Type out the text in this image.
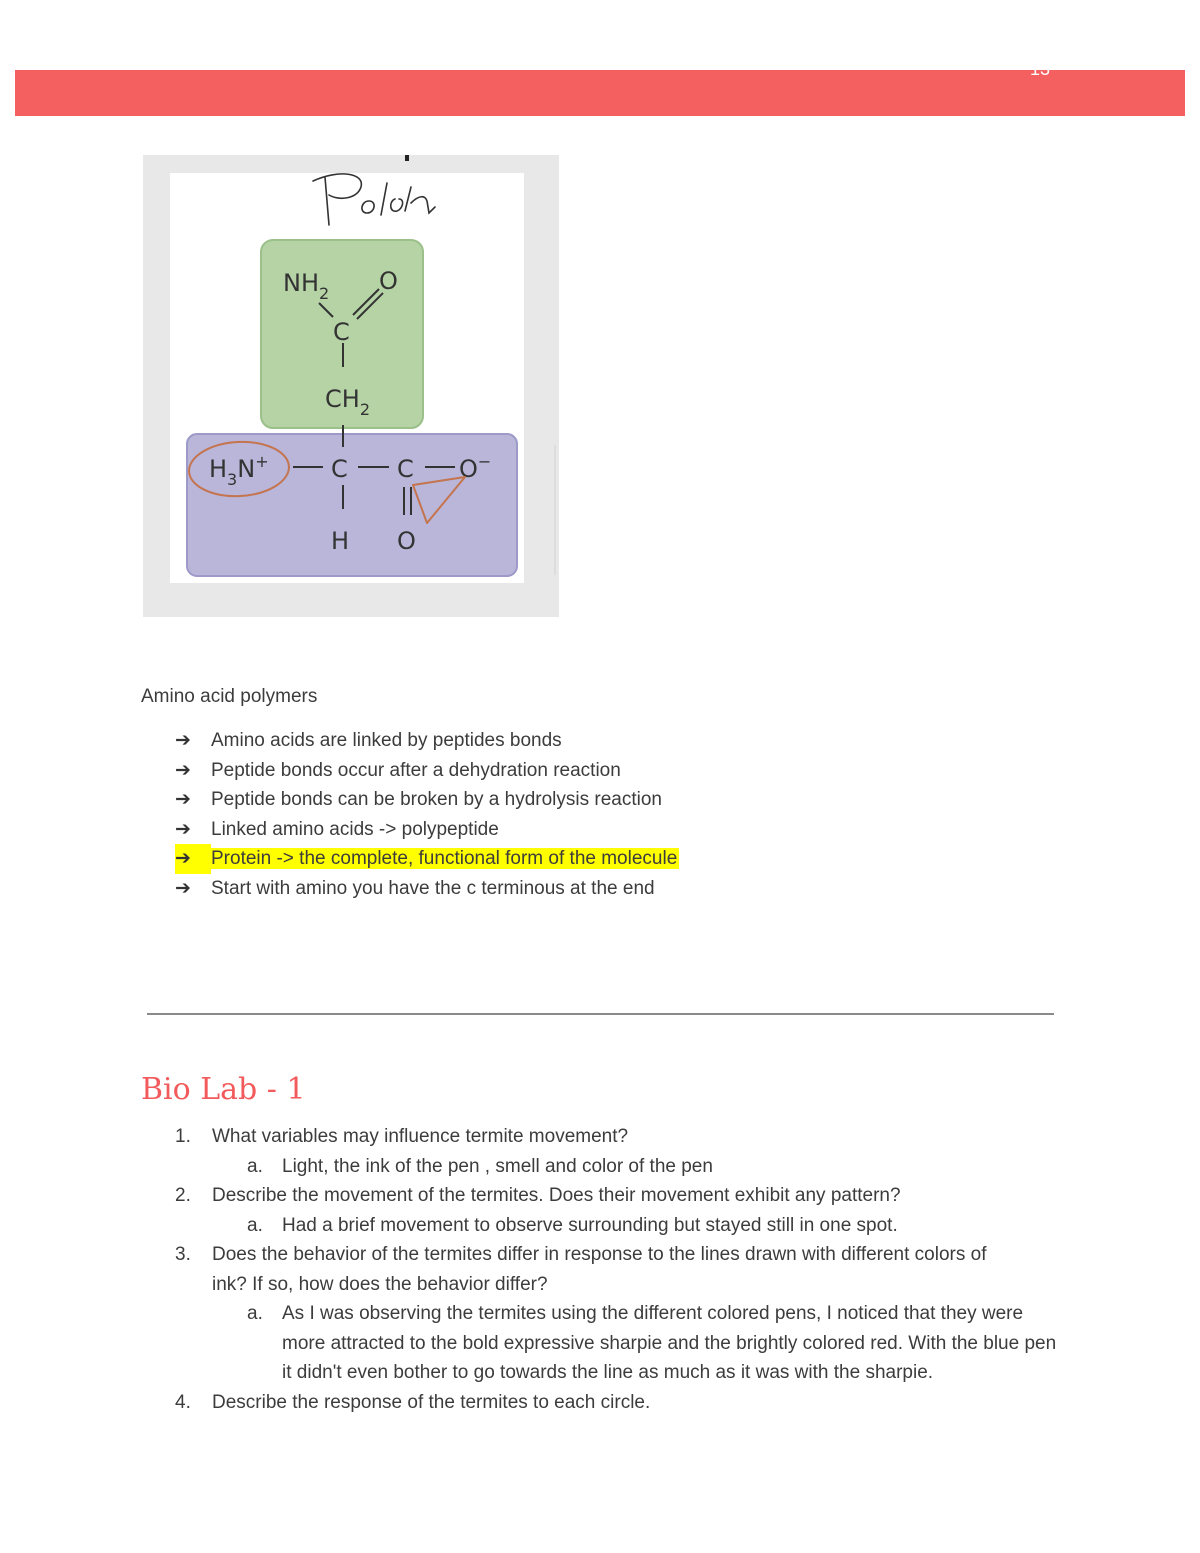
13
$NH_2$ O
C
$CH_2$
$H_3N^+$	C C O−
H O
Amino acid polymers
➔ Amino acids are linked by peptides bonds
➔ Peptide bonds occur after a dehydration reaction
➔ Peptide bonds can be broken by a hydrolysis reaction
➔ Linked amino acids -> polypeptide
➔ Protein -> the complete, functional form of the molecule
➔ Start with amino you have the c terminous at the end
Bio Lab - 1
1.	What variables may influence termite movement?
a. Light, the ink of the pen , smell and color of the pen
2.	Describe the movement of the termites. Does their movement exhibit any pattern?
a. Had a brief movement to observe surrounding but stayed still in one spot.
3.	Does the behavior of the termites differ in response to the lines drawn with different colors of ink? If so, how does the behavior differ?
a. As I was observing the termites using the different colored pens, I noticed that they were more attracted to the bold expressive sharpie and the brightly colored red. With the blue pen it didn't even bother to go towards the line as much as it was with the sharpie.
4.	Describe the response of the termites to each circle.
